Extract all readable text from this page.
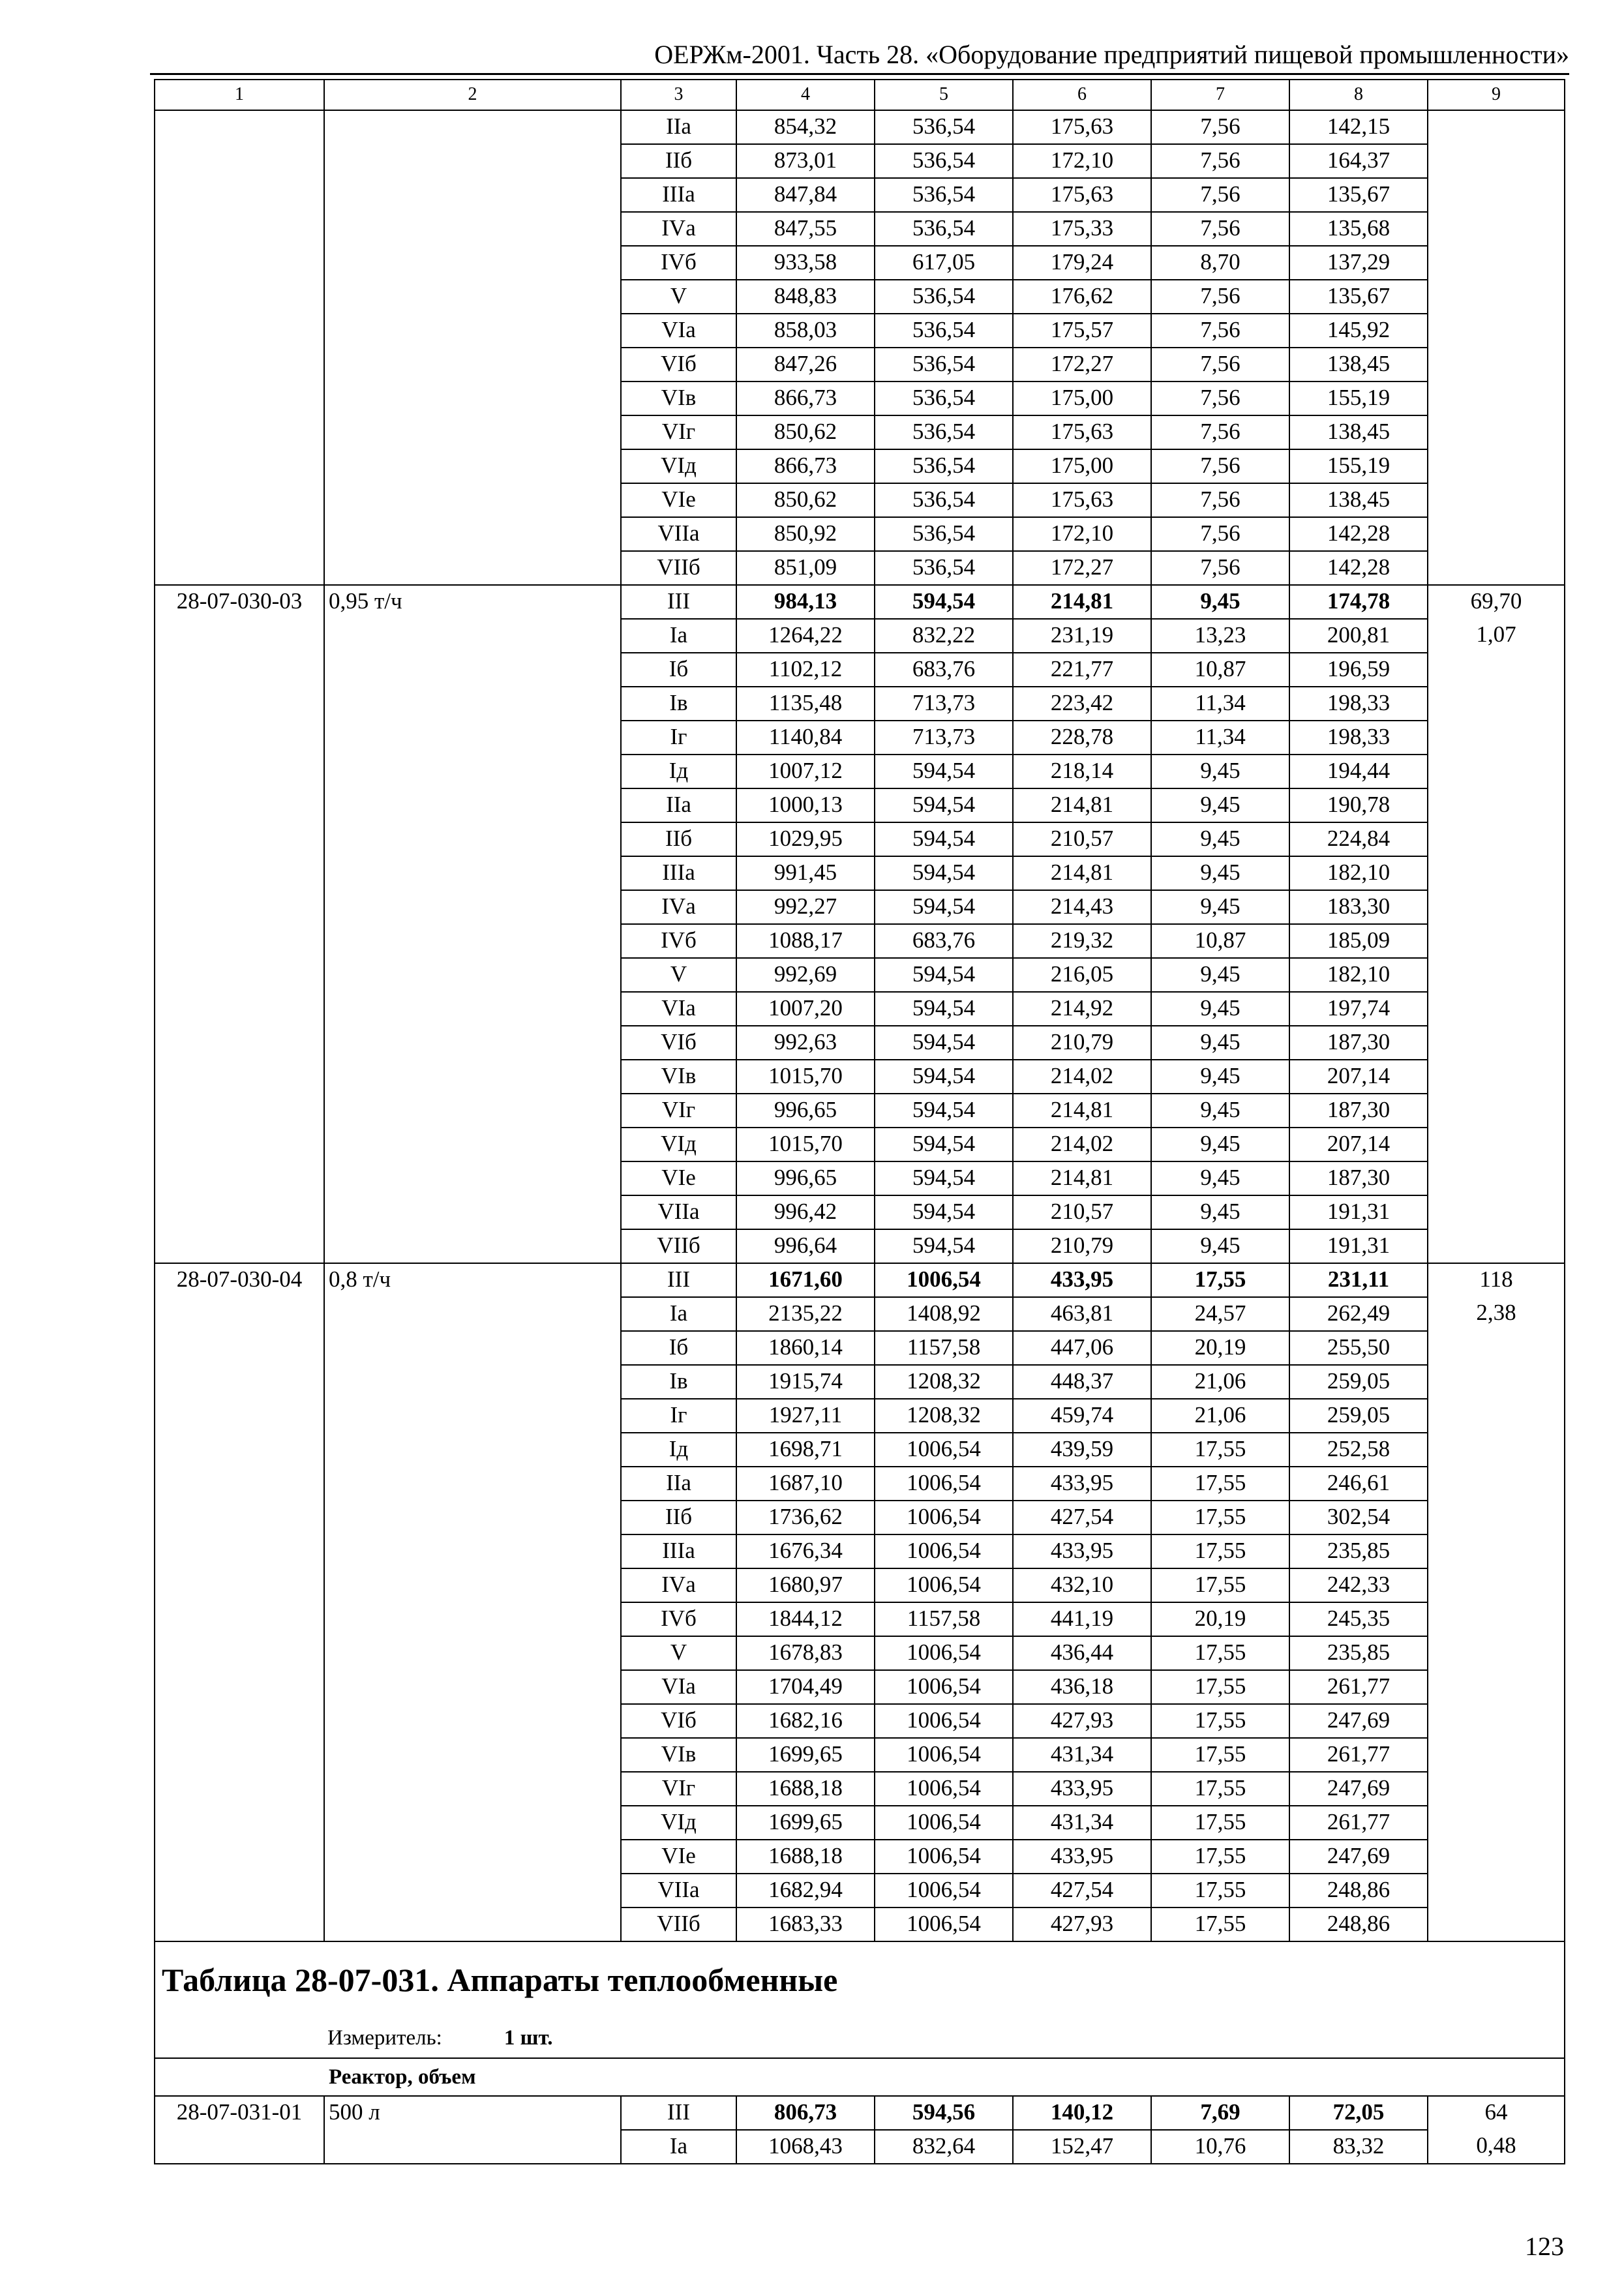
ОЕРЖм-2001. Часть 28. «Оборудование предприятий пищевой промышленности»
1	2	3	4	5	6	7	8	9
		IIа	854,32	536,54	175,63	7,56	142,15	
		IIб	873,01	536,54	172,10	7,56	164,37	
		IIIа	847,84	536,54	175,63	7,56	135,67	
		IVа	847,55	536,54	175,33	7,56	135,68	
		IVб	933,58	617,05	179,24	8,70	137,29	
		V	848,83	536,54	176,62	7,56	135,67	
		VIа	858,03	536,54	175,57	7,56	145,92	
		VIб	847,26	536,54	172,27	7,56	138,45	
		VIв	866,73	536,54	175,00	7,56	155,19	
		VIг	850,62	536,54	175,63	7,56	138,45	
		VIд	866,73	536,54	175,00	7,56	155,19	
		VIе	850,62	536,54	175,63	7,56	138,45	
		VIIа	850,92	536,54	172,10	7,56	142,28	
		VIIб	851,09	536,54	172,27	7,56	142,28	
28-07-030-03	0,95 т/ч	III	984,13	594,54	214,81	9,45	174,78	69,70
		Iа	1264,22	832,22	231,19	13,23	200,81	1,07
		Iб	1102,12	683,76	221,77	10,87	196,59	
		Iв	1135,48	713,73	223,42	11,34	198,33	
		Iг	1140,84	713,73	228,78	11,34	198,33	
		Iд	1007,12	594,54	218,14	9,45	194,44	
		IIа	1000,13	594,54	214,81	9,45	190,78	
		IIб	1029,95	594,54	210,57	9,45	224,84	
		IIIа	991,45	594,54	214,81	9,45	182,10	
		IVа	992,27	594,54	214,43	9,45	183,30	
		IVб	1088,17	683,76	219,32	10,87	185,09	
		V	992,69	594,54	216,05	9,45	182,10	
		VIа	1007,20	594,54	214,92	9,45	197,74	
		VIб	992,63	594,54	210,79	9,45	187,30	
		VIв	1015,70	594,54	214,02	9,45	207,14	
		VIг	996,65	594,54	214,81	9,45	187,30	
		VIд	1015,70	594,54	214,02	9,45	207,14	
		VIе	996,65	594,54	214,81	9,45	187,30	
		VIIа	996,42	594,54	210,57	9,45	191,31	
		VIIб	996,64	594,54	210,79	9,45	191,31	
28-07-030-04	0,8 т/ч	III	1671,60	1006,54	433,95	17,55	231,11	118
		Iа	2135,22	1408,92	463,81	24,57	262,49	2,38
		Iб	1860,14	1157,58	447,06	20,19	255,50	
		Iв	1915,74	1208,32	448,37	21,06	259,05	
		Iг	1927,11	1208,32	459,74	21,06	259,05	
		Iд	1698,71	1006,54	439,59	17,55	252,58	
		IIа	1687,10	1006,54	433,95	17,55	246,61	
		IIб	1736,62	1006,54	427,54	17,55	302,54	
		IIIа	1676,34	1006,54	433,95	17,55	235,85	
		IVа	1680,97	1006,54	432,10	17,55	242,33	
		IVб	1844,12	1157,58	441,19	20,19	245,35	
		V	1678,83	1006,54	436,44	17,55	235,85	
		VIа	1704,49	1006,54	436,18	17,55	261,77	
		VIб	1682,16	1006,54	427,93	17,55	247,69	
		VIв	1699,65	1006,54	431,34	17,55	261,77	
		VIг	1688,18	1006,54	433,95	17,55	247,69	
		VIд	1699,65	1006,54	431,34	17,55	261,77	
		VIе	1688,18	1006,54	433,95	17,55	247,69	
		VIIа	1682,94	1006,54	427,54	17,55	248,86	
		VIIб	1683,33	1006,54	427,93	17,55	248,86	
Таблица 28-07-031. Аппараты теплообменные								
Измеритель: 1 шт.								
Реактор, объем								
28-07-031-01	500 л	III	806,73	594,56	140,12	7,69	72,05	64
		Iа	1068,43	832,64	152,47	10,76	83,32	0,48
123
